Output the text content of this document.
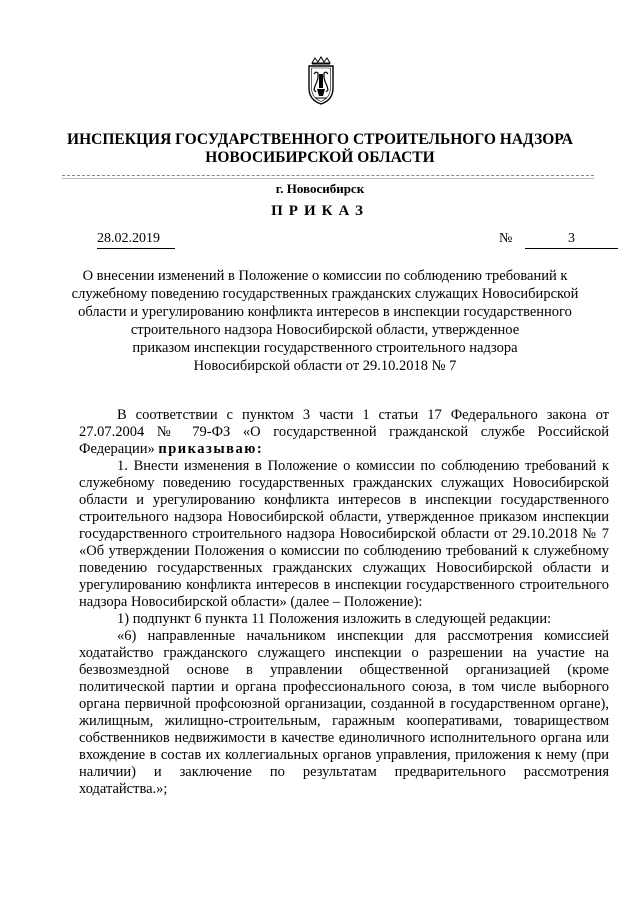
ИНСПЕКЦИЯ ГОСУДАРСТВЕННОГО СТРОИТЕЛЬНОГО НАДЗОРА
НОВОСИБИРСКОЙ ОБЛАСТИ
г. Новосибирск
ПРИКАЗ
28.02.2019	№	3
О внесении изменений в Положение о комиссии по соблюдению требований к
служебному поведению государственных гражданских служащих Новосибирской
области и урегулированию конфликта интересов в инспекции государственного
строительного надзора Новосибирской области, утвержденное
приказом инспекции государственного строительного надзора
Новосибирской области от 29.10.2018 № 7

В соответствии с пунктом 3 части 1 статьи 17 Федерального закона от 27.07.2004 № 79-ФЗ «О государственной гражданской службе Российской Федерации» приказываю:

1. Внести изменения в Положение о комиссии по соблюдению требований к служебному поведению государственных гражданских служащих Новосибирской области и урегулированию конфликта интересов в инспекции государственного строительного надзора Новосибирской области, утвержденное приказом инспекции государственного строительного надзора Новосибирской области от 29.10.2018 № 7 «Об утверждении Положения о комиссии по соблюдению требований к служебному поведению государственных гражданских служащих Новосибирской области и урегулированию конфликта интересов в инспекции государственного строительного надзора Новосибирской области» (далее – Положение):

1) подпункт 6 пункта 11 Положения изложить в следующей редакции:

«6) направленные начальником инспекции для рассмотрения комиссией ходатайство гражданского служащего инспекции о разрешении на участие на безвозмездной основе в управлении общественной организацией (кроме политической партии и органа профессионального союза, в том числе выборного органа первичной профсоюзной организации, созданной в государственном органе), жилищным, жилищно-строительным, гаражным кооперативами, товариществом собственников недвижимости в качестве единоличного исполнительного органа или вхождение в состав их коллегиальных органов управления, приложения к нему (при наличии) и заключение по результатам предварительного рассмотрения ходатайства.»;
